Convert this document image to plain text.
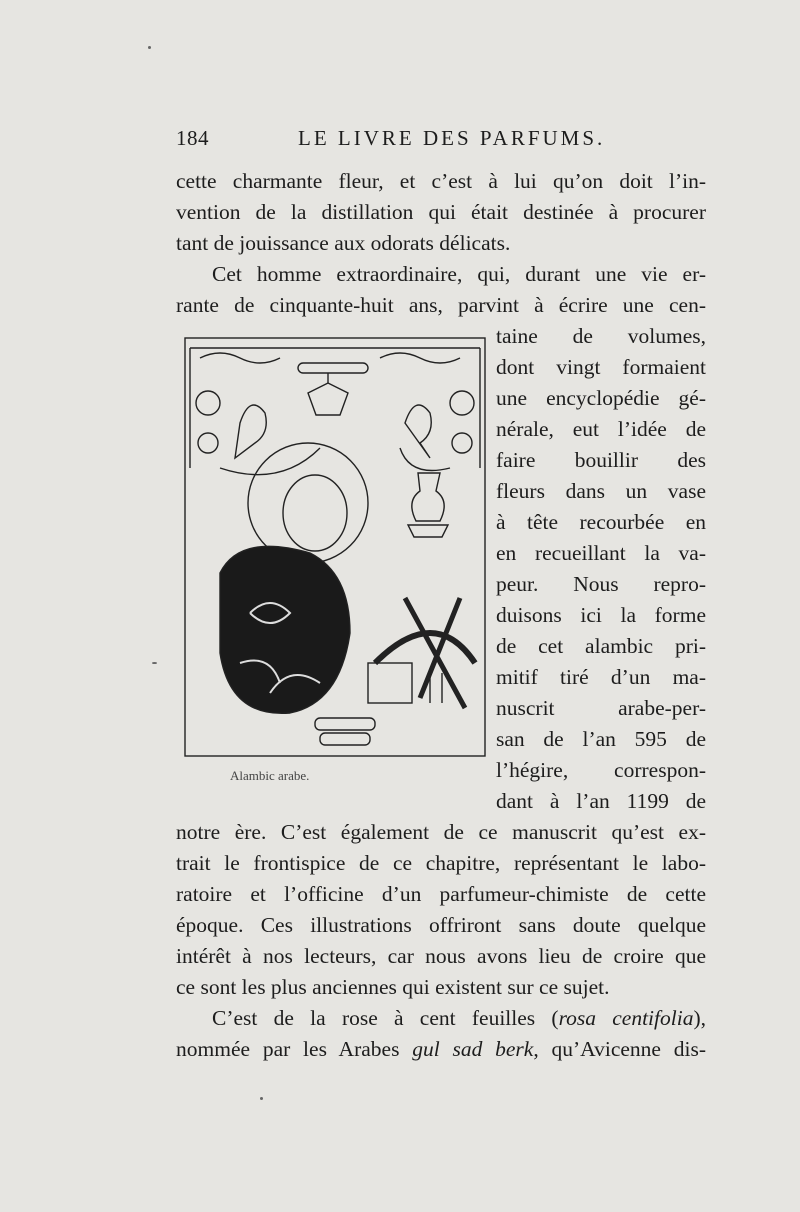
184	LE LIVRE DES PARFUMS.
cette charmante fleur, et c’est à lui qu’on doit l’in-
vention de la distillation qui était destinée à procurer
tant de jouissance aux odorats délicats.
Cet homme extraordinaire, qui, durant une vie er-
rante de cinquante-huit ans, parvint à écrire une cen-
taine de volumes,
dont vingt formaient
une encyclopédie gé-
nérale, eut l’idée de
faire bouillir des
fleurs dans un vase
à tête recourbée en
en recueillant la va-
peur. Nous repro-
duisons ici la forme
de cet alambic pri-
mitif tiré d’un ma-
nuscrit arabe-per-
san de l’an 595 de
l’hégire, correspon-
dant à l’an 1199 de
notre ère. C’est également de ce manuscrit qu’est ex-
trait le frontispice de ce chapitre, représentant le labo-
ratoire et l’officine d’un parfumeur-chimiste de cette
époque. Ces illustrations offriront sans doute quelque
intérêt à nos lecteurs, car nous avons lieu de croire que
ce sont les plus anciennes qui existent sur ce sujet.
C’est de la rose à cent feuilles (rosa centifolia),
nommée par les Arabes gul sad berk, qu’Avicenne dis-
Alambic arabe.
